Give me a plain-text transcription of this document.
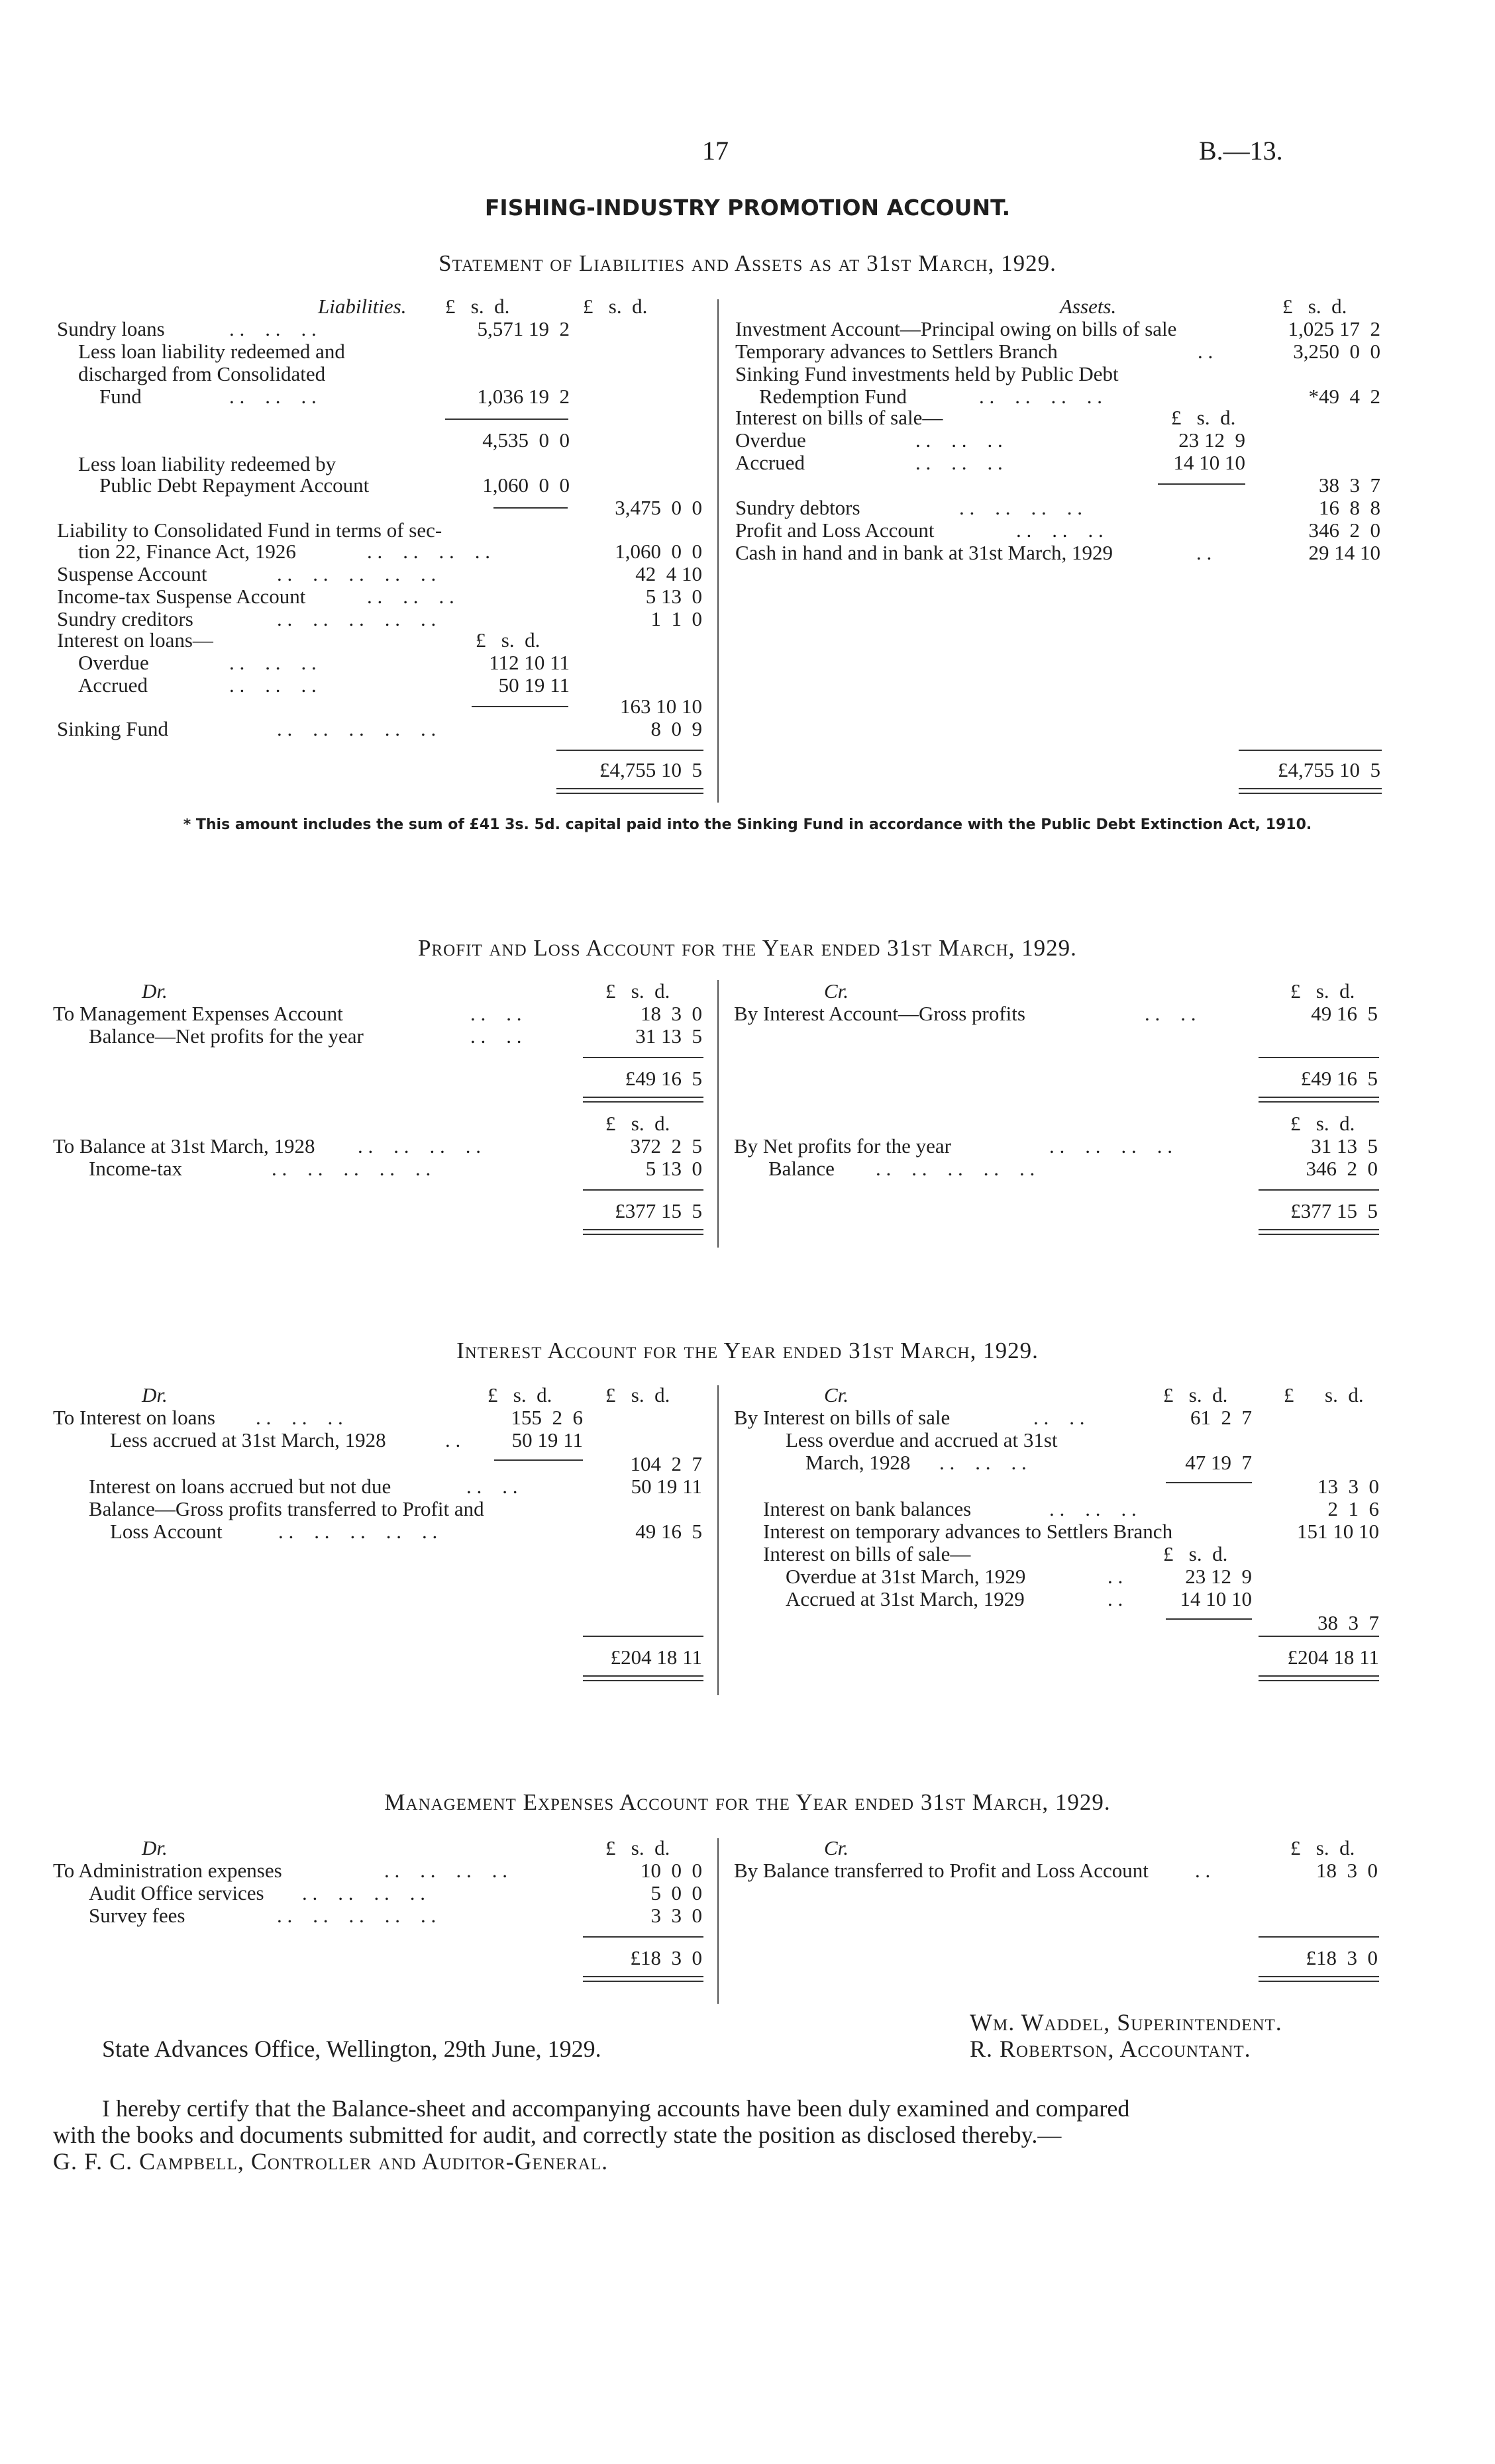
17	B.—13.
FISHING-INDUSTRY PROMOTION ACCOUNT.
Statement of Liabilities and Assets as at 31st March, 1929.
Liabilities. £   s.  d.	£   s.  d.
Sundry loans	. .    . .    . .	5,571 19  2
Less loan liability redeemed and
discharged from Consolidated
Fund	. .    . .    . .	1,036 19  2
4,535  0  0
Less loan liability redeemed by
Public Debt Repayment Account	1,060  0  0
3,475  0  0
Liability to Consolidated Fund in terms of sec-
tion 22, Finance Act, 1926	. .    . .    . .    . .	1,060  0  0
Suspense Account	. .    . .    . .    . .    . .	42  4 10
Income-tax Suspense Account	. .    . .    . .	5 13  0
Sundry creditors	. .    . .    . .    . .    . .	1  1  0
Interest on loans—	£   s.  d.
Overdue	. .    . .    . .	112 10 11
Accrued	. .    . .    . .	50 19 11
163 10 10
Sinking Fund	. .    . .    . .    . .    . .	8  0  9
£4,755 10  5
Assets.	£   s.  d.
Investment Account—Principal owing on bills of sale	1,025 17  2
Temporary advances to Settlers Branch	. .	3,250  0  0
Sinking Fund investments held by Public Debt
Redemption Fund	. .    . .    . .    . .	*49  4  2
Interest on bills of sale—	£   s.  d.
Overdue	. .    . .    . .	23 12  9
Accrued	. .    . .    . .	14 10 10
38  3  7
Sundry debtors	. .    . .    . .    . .	16  8  8
Profit and Loss Account	. .    . .    . .	346  2  0
Cash in hand and in bank at 31st March, 1929	. .	29 14 10
£4,755 10  5
* This amount includes the sum of £41 3s. 5d. capital paid into the Sinking Fund in accordance with the Public Debt Extinction Act, 1910.
Profit and Loss Account for the Year ended 31st March, 1929.
Dr.	£   s.  d.	Cr.	£   s.  d.
To Management Expenses Account	. .    . .	18  3  0
Balance—Net profits for the year	. .    . .	31 13  5
£49 16  5
By Interest Account—Gross profits	. .    . .	49 16  5
£49 16  5
£   s.  d.	£   s.  d.
To Balance at 31st March, 1928 . .    . .    . .    . .	372  2  5
Income-tax	. .    . .    . .    . .    . .	5 13  0
£377 15  5
By Net profits for the year	. .    . .    . .    . .	31 13  5
Balance . .    . .    . .    . .    . .	346  2  0
£377 15  5
Interest Account for the Year ended 31st March, 1929.
Dr.	£   s.  d.	£   s.  d.	Cr.	£   s.  d.	£ s.  d.
To Interest on loans . .    . .    . .	155  2  6
Less accrued at 31st March, 1928	. .	50 19 11
104  2  7
Interest on loans accrued but not due	. .    . .	50 19 11
Balance—Gross profits transferred to Profit and
Loss Account	. .    . .    . .    . .    . .	49 16  5
£204 18 11
By Interest on bills of sale	. .    . .	61  2  7
Less overdue and accrued at 31st
March, 1928 . .    . .    . .	47 19  7
13  3  0
Interest on bank balances	. .    . .    . .	2  1  6
Interest on temporary advances to Settlers Branch	151 10 10
Interest on bills of sale—	£   s.  d.
Overdue at 31st March, 1929	. .	23 12  9
Accrued at 31st March, 1929	. .	14 10 10
38  3  7
£204 18 11
Management Expenses Account for the Year ended 31st March, 1929.
Dr.	£   s.  d.	Cr.	£   s.  d.
To Administration expenses	. .    . .    . .    . .	10  0  0
Audit Office services . .    . .    . .    . .	5  0  0
Survey fees	. .    . .    . .    . .    . .	3  3  0
£18  3  0
By Balance transferred to Profit and Loss Account . .	18  3  0
£18  3  0
Wm. Waddel, Superintendent.
State Advances Office, Wellington, 29th June, 1929.	R. Robertson, Accountant.
I hereby certify that the Balance-sheet and accompanying accounts have been duly examined and compared
with the books and documents submitted for audit, and correctly state the position as disclosed thereby.—
G. F. C. Campbell, Controller and Auditor-General.
